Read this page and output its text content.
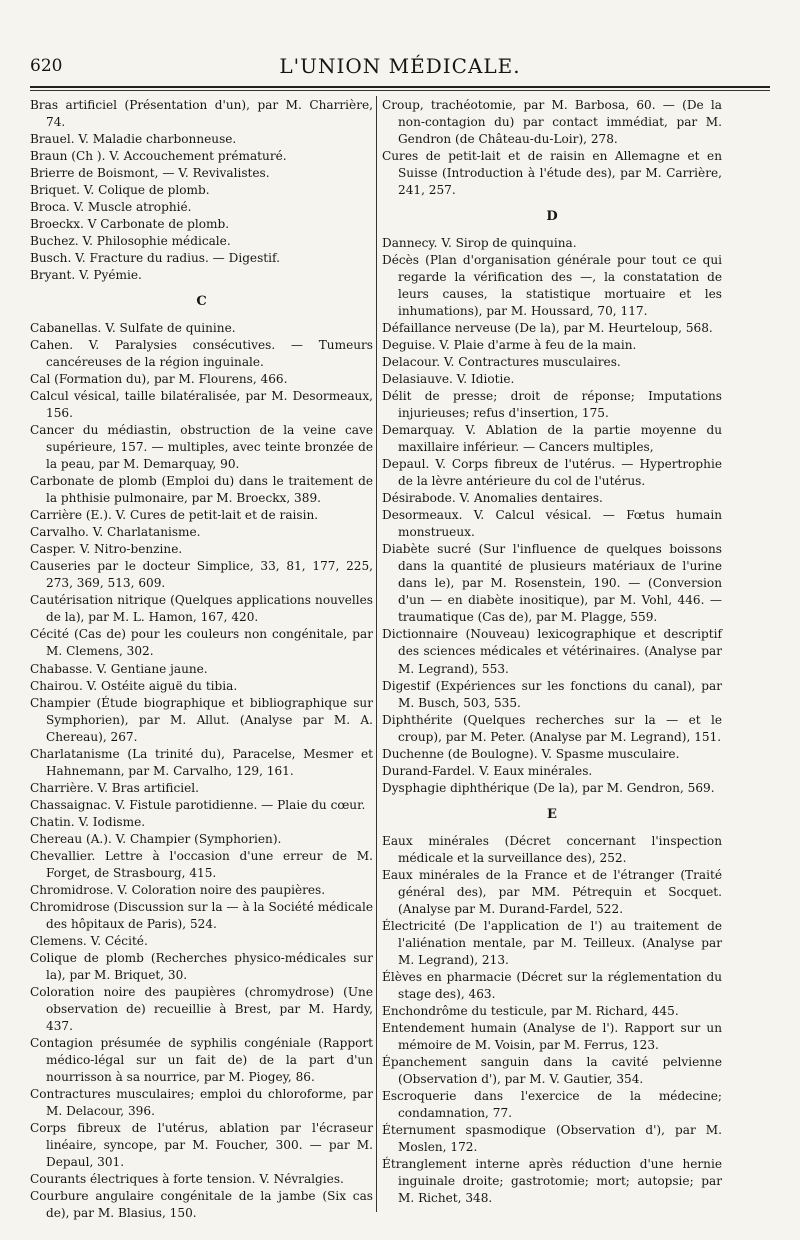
620	L'UNION MÉDICALE.

Bras artificiel (Présentation d'un), par M. Charrière, 74.

Brauel. V. Maladie charbonneuse.

Braun (Ch ). V. Accouchement prématuré.

Brierre de Boismont, — V. Revivalistes.

Briquet. V. Colique de plomb.

Broca. V. Muscle atrophié.

Broeckx. V Carbonate de plomb.

Buchez. V. Philosophie médicale.

Busch. V. Fracture du radius. — Digestif.

Bryant. V. Pyémie.

C

Cabanellas. V. Sulfate de quinine.

Cahen. V. Paralysies consécutives. — Tumeurs cancéreuses de la région inguinale.

Cal (Formation du), par M. Flourens, 466.

Calcul vésical, taille bilatéralisée, par M. Desormeaux, 156.

Cancer du médiastin, obstruction de la veine cave supérieure, 157. — multiples, avec teinte bronzée de la peau, par M. Demarquay, 90.

Carbonate de plomb (Emploi du) dans le traitement de la phthisie pulmonaire, par M. Broeckx, 389.

Carrière (E.). V. Cures de petit-lait et de raisin.

Carvalho. V. Charlatanisme.

Casper. V. Nitro-benzine.

Causeries par le docteur Simplice, 33, 81, 177, 225, 273, 369, 513, 609.

Cautérisation nitrique (Quelques applications nouvelles de la), par M. L. Hamon, 167, 420.

Cécité (Cas de) pour les couleurs non congénitale, par M. Clemens, 302.

Chabasse. V. Gentiane jaune.

Chairou. V. Ostéite aiguë du tibia.

Champier (Étude biographique et bibliographique sur Symphorien), par M. Allut. (Analyse par M. A. Chereau), 267.

Charlatanisme (La trinité du), Paracelse, Mesmer et Hahnemann, par M. Carvalho, 129, 161.

Charrière. V. Bras artificiel.

Chassaignac. V. Fistule parotidienne. — Plaie du cœur.

Chatin. V. Iodisme.

Chereau (A.). V. Champier (Symphorien).

Chevallier. Lettre à l'occasion d'une erreur de M. Forget, de Strasbourg, 415.

Chromidrose. V. Coloration noire des paupières.

Chromidrose (Discussion sur la — à la Société médicale des hôpitaux de Paris), 524.

Clemens. V. Cécité.

Colique de plomb (Recherches physico-médicales sur la), par M. Briquet, 30.

Coloration noire des paupières (chromydrose) (Une observation de) recueillie à Brest, par M. Hardy, 437.

Contagion présumée de syphilis congéniale (Rapport médico-légal sur un fait de) de la part d'un nourrisson à sa nourrice, par M. Piogey, 86.

Contractures musculaires; emploi du chloroforme, par M. Delacour, 396.

Corps fibreux de l'utérus, ablation par l'écraseur linéaire, syncope, par M. Foucher, 300. — par M. Depaul, 301.

Courants électriques à forte tension. V. Névralgies.

Courbure angulaire congénitale de la jambe (Six cas de), par M. Blasius, 150.

Croup, trachéotomie, par M. Barbosa, 60. — (De la non-contagion du) par contact immédiat, par M. Gendron (de Château-du-Loir), 278.

Cures de petit-lait et de raisin en Allemagne et en Suisse (Introduction à l'étude des), par M. Carrière, 241, 257.

D

Dannecy. V. Sirop de quinquina.

Décès (Plan d'organisation générale pour tout ce qui regarde la vérification des —, la constatation de leurs causes, la statistique mortuaire et les inhumations), par M. Houssard, 70, 117.

Défaillance nerveuse (De la), par M. Heurteloup, 568.

Deguise. V. Plaie d'arme à feu de la main.

Delacour. V. Contractures musculaires.

Delasiauve. V. Idiotie.

Délit de presse; droit de réponse; Imputations injurieuses; refus d'insertion, 175.

Demarquay. V. Ablation de la partie moyenne du maxillaire inférieur. — Cancers multiples,

Depaul. V. Corps fibreux de l'utérus. — Hypertrophie de la lèvre antérieure du col de l'utérus.

Désirabode. V. Anomalies dentaires.

Desormeaux. V. Calcul vésical. — Fœtus humain monstrueux.

Diabète sucré (Sur l'influence de quelques boissons dans la quantité de plusieurs matériaux de l'urine dans le), par M. Rosenstein, 190. — (Conversion d'un — en diabète inositique), par M. Vohl, 446. — traumatique (Cas de), par M. Plagge, 559.

Dictionnaire (Nouveau) lexicographique et descriptif des sciences médicales et vétérinaires. (Analyse par M. Legrand), 553.

Digestif (Expériences sur les fonctions du canal), par M. Busch, 503, 535.

Diphthérite (Quelques recherches sur la — et le croup), par M. Peter. (Analyse par M. Legrand), 151.

Duchenne (de Boulogne). V. Spasme musculaire.

Durand-Fardel. V. Eaux minérales.

Dysphagie diphthérique (De la), par M. Gendron, 569.

E

Eaux minérales (Décret concernant l'inspection médicale et la surveillance des), 252.

Eaux minérales de la France et de l'étranger (Traité général des), par MM. Pétrequin et Socquet. (Analyse par M. Durand-Fardel, 522.

Électricité (De l'application de l') au traitement de l'aliénation mentale, par M. Teilleux. (Analyse par M. Legrand), 213.

Élèves en pharmacie (Décret sur la réglementation du stage des), 463.

Enchondrôme du testicule, par M. Richard, 445.

Entendement humain (Analyse de l'). Rapport sur un mémoire de M. Voisin, par M. Ferrus, 123.

Épanchement sanguin dans la cavité pelvienne (Observation d'), par M. V. Gautier, 354.

Escroquerie dans l'exercice de la médecine; condamnation, 77.

Éternument spasmodique (Observation d'), par M. Moslen, 172.

Étranglement interne après réduction d'une hernie inguinale droite; gastrotomie; mort; autopsie; par M. Richet, 348.
